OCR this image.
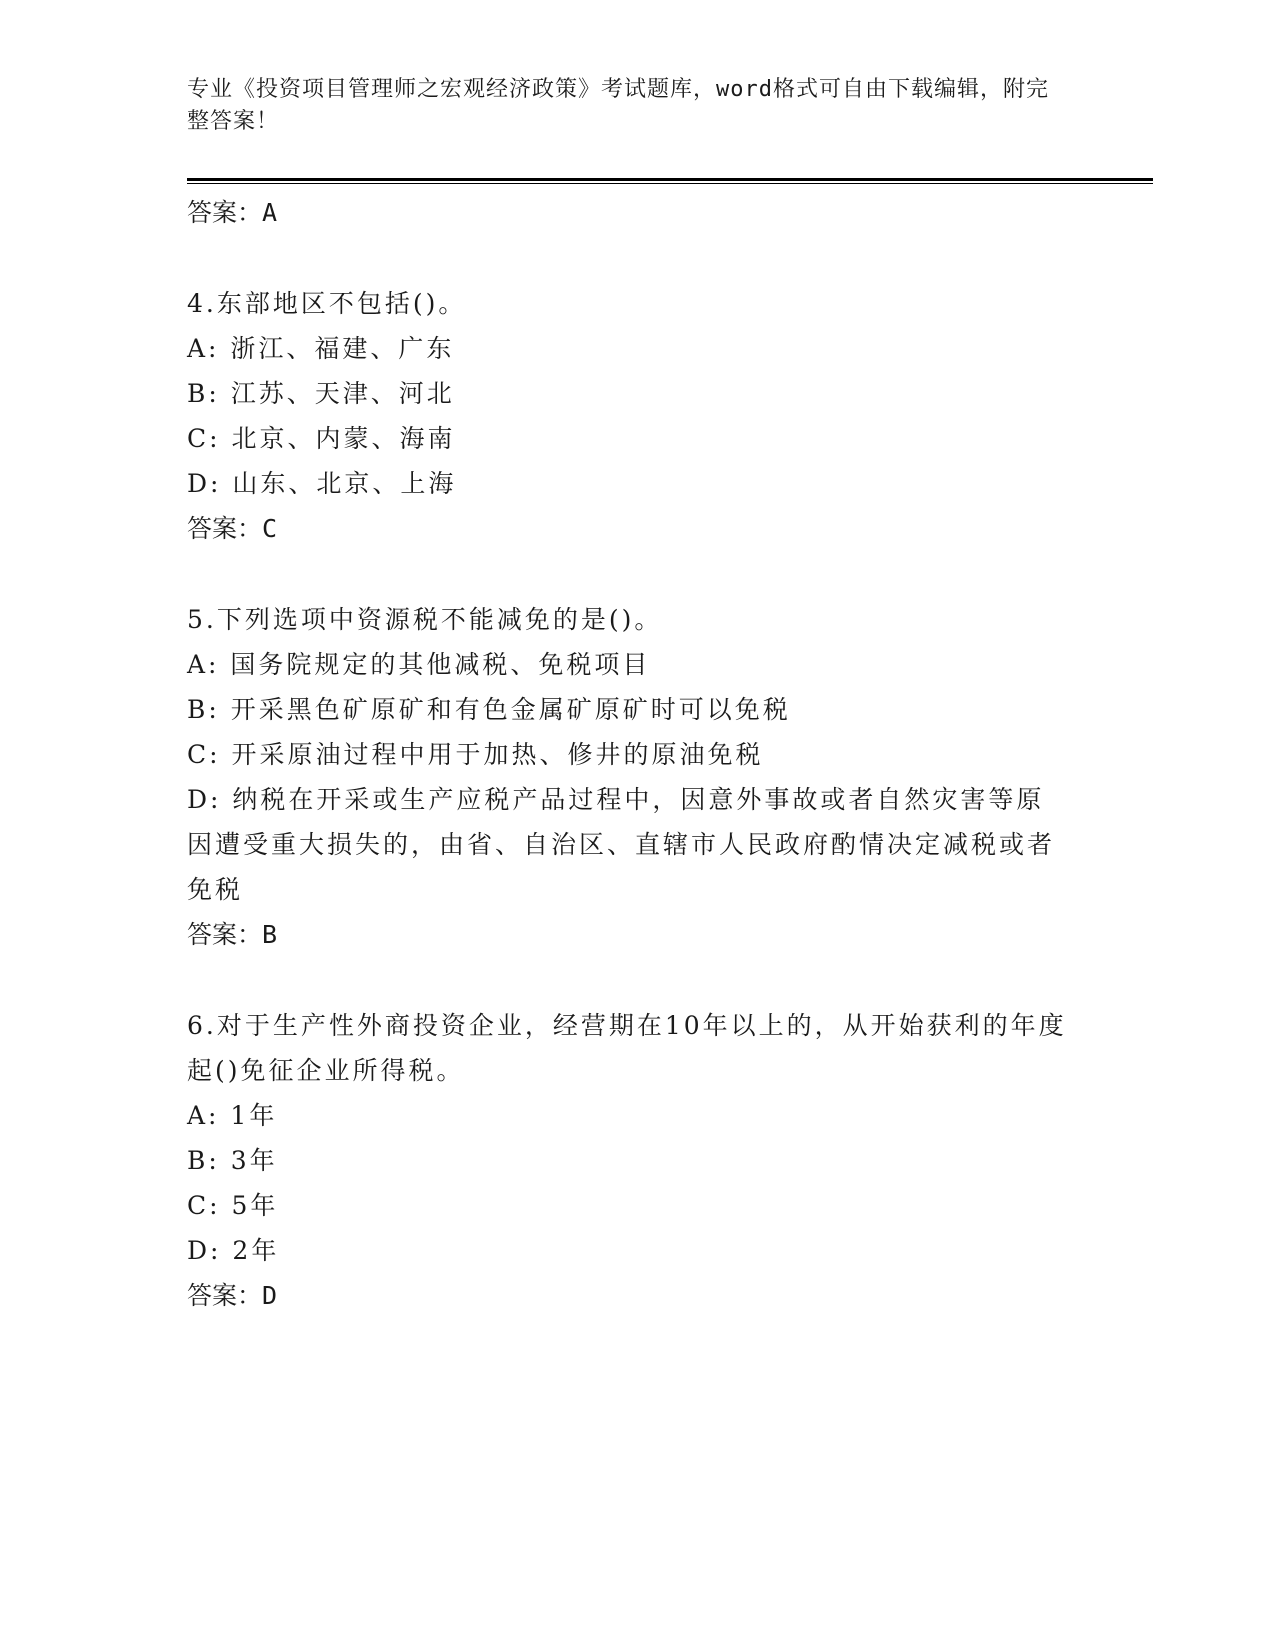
专业《投资项目管理师之宏观经济政策》考试题库，word格式可自由下载编辑，附完整答案！
答案：A
4.东部地区不包括()。
A: 浙江、福建、广东
B: 江苏、天津、河北
C: 北京、内蒙、海南
D: 山东、北京、上海
答案：C
5.下列选项中资源税不能减免的是()。
A: 国务院规定的其他减税、免税项目
B: 开采黑色矿原矿和有色金属矿原矿时可以免税
C: 开采原油过程中用于加热、修井的原油免税
D: 纳税在开采或生产应税产品过程中，因意外事故或者自然灾害等原因遭受重大损失的，由省、自治区、直辖市人民政府酌情决定减税或者免税
答案：B
6.对于生产性外商投资企业，经营期在10年以上的，从开始获利的年度起()免征企业所得税。
A: 1年
B: 3年
C: 5年
D: 2年
答案：D
